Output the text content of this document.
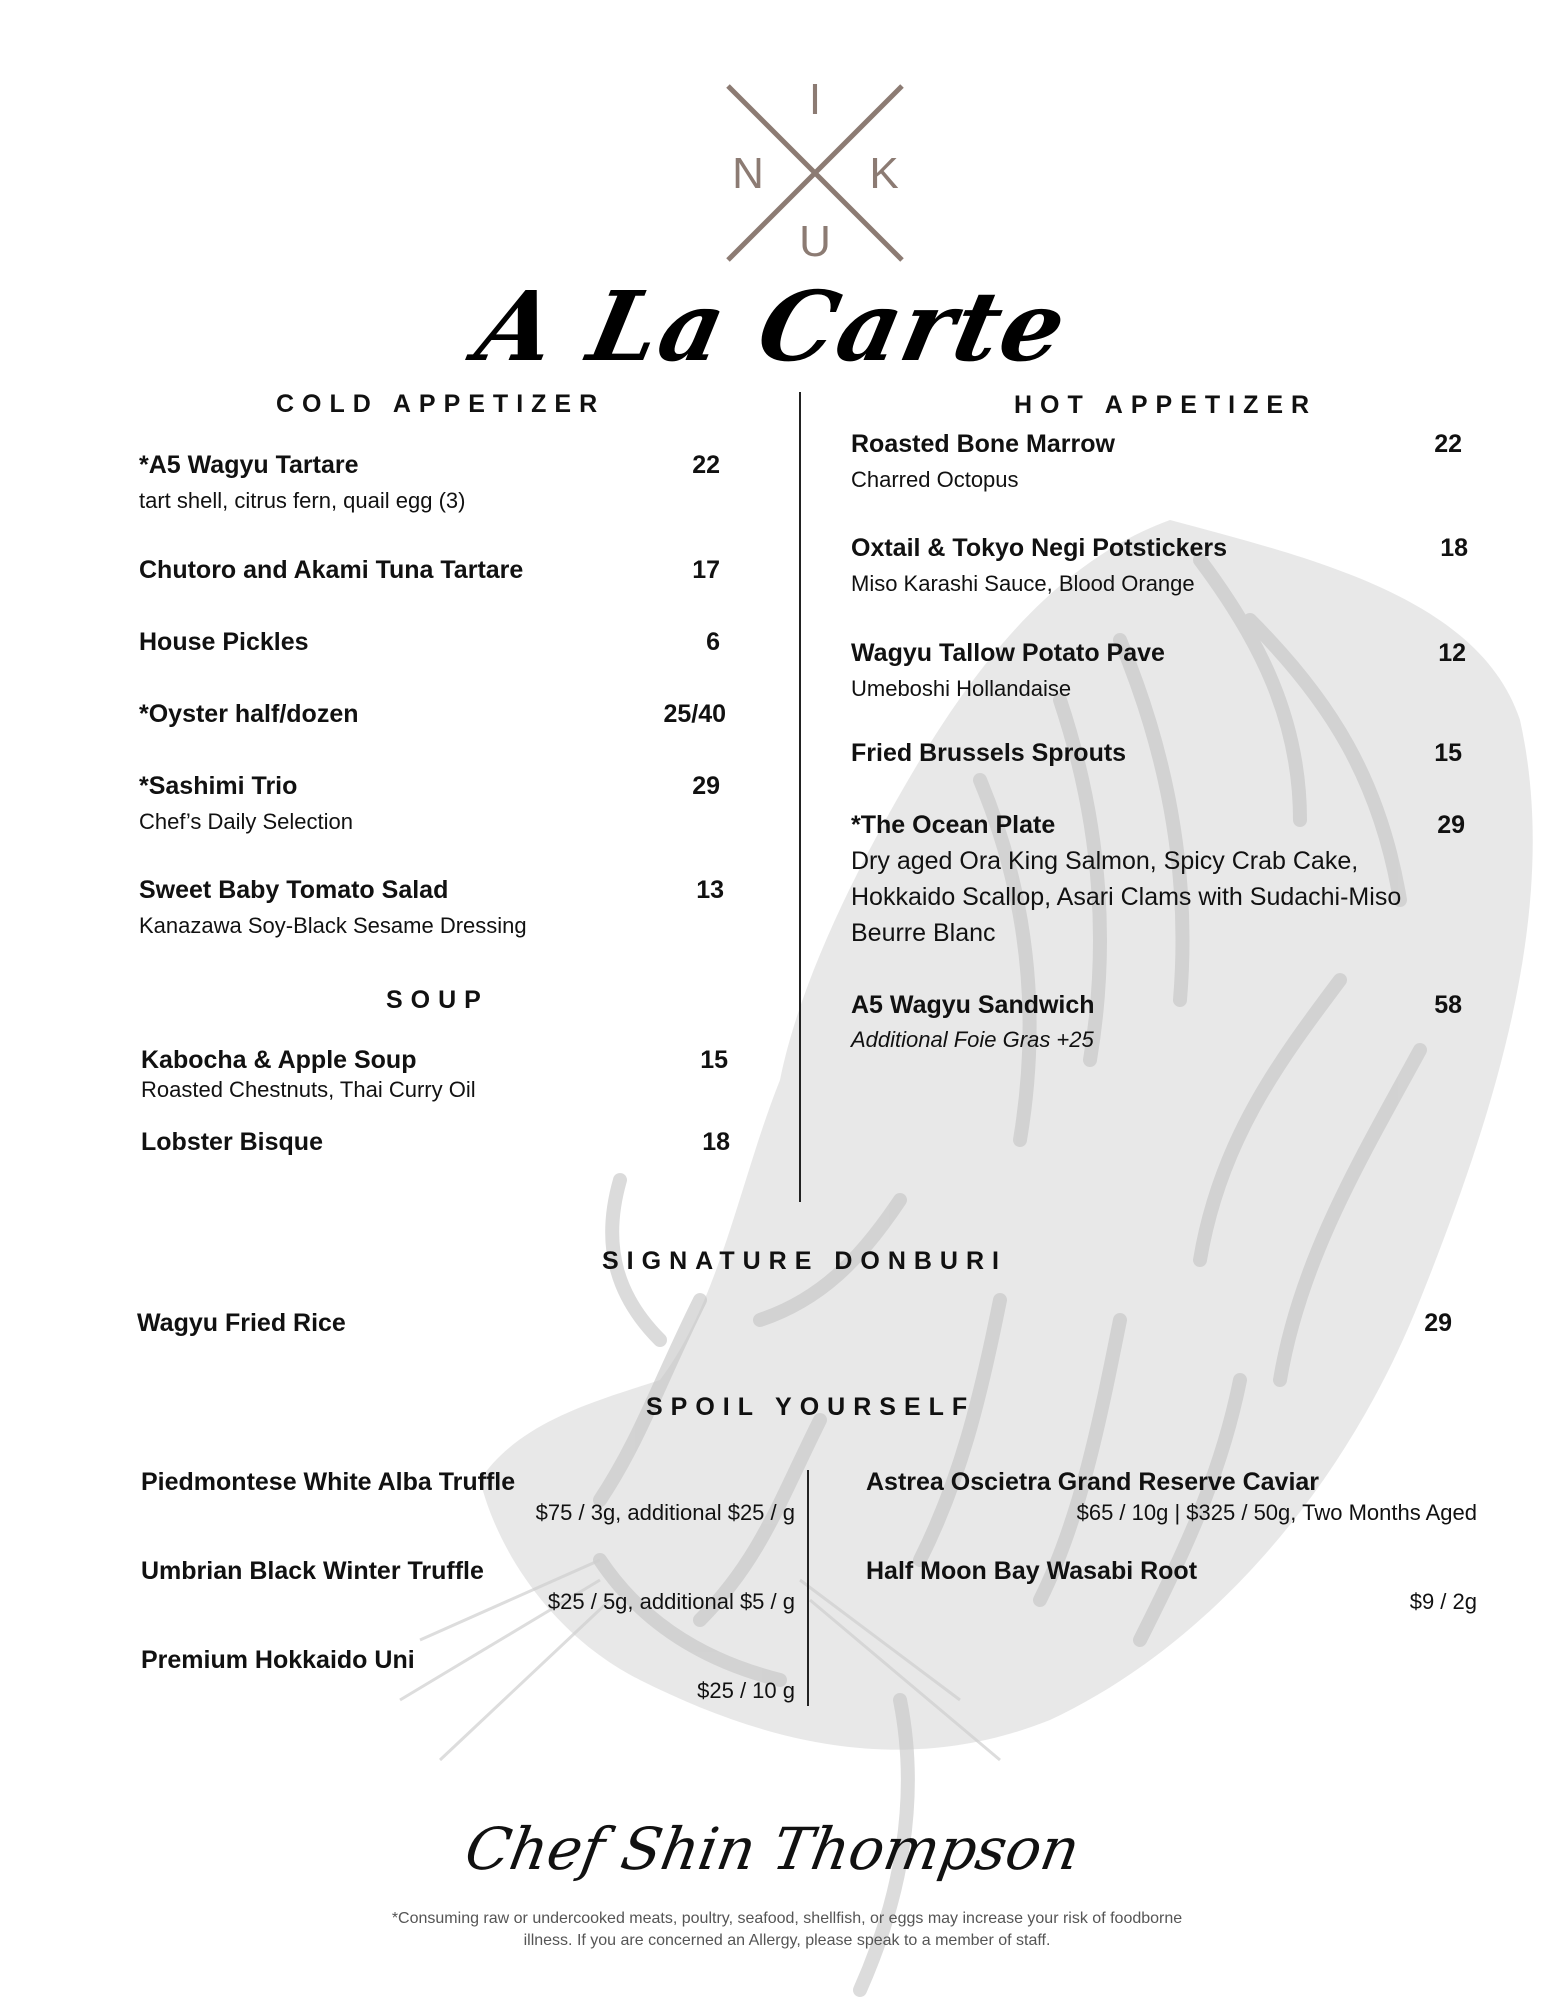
I
N K
U
A La Carte
COLD APPETIZER
*A5 Wagyu Tartare	22
tart shell, citrus fern, quail egg (3)
Chutoro and Akami Tuna Tartare	17
House Pickles	6
*Oyster half/dozen	25/40
*Sashimi Trio	29
Chef’s Daily Selection
Sweet Baby Tomato Salad	13
Kanazawa Soy-Black Sesame Dressing
SOUP
Kabocha & Apple Soup	15
Roasted Chestnuts, Thai Curry Oil
Lobster Bisque	18
HOT APPETIZER
Roasted Bone Marrow	22
Charred Octopus
Oxtail & Tokyo Negi Potstickers	18
Miso Karashi Sauce, Blood Orange
Wagyu Tallow Potato Pave	12
Umeboshi Hollandaise
Fried Brussels Sprouts	15
*The Ocean Plate	29
Dry aged Ora King Salmon, Spicy Crab Cake, Hokkaido Scallop, Asari Clams with Sudachi-Miso Beurre Blanc
A5 Wagyu Sandwich	58
Additional Foie Gras +25
SIGNATURE DONBURI
Wagyu Fried Rice	29
SPOIL YOURSELF
Piedmontese White Alba Truffle
$75 / 3g, additional $25 / g
Umbrian Black Winter Truffle
$25 / 5g, additional $5 / g
Premium Hokkaido Uni
$25 / 10 g
Astrea Oscietra Grand Reserve Caviar
$65 / 10g | $325 / 50g, Two Months Aged
Half Moon Bay Wasabi Root
$9 / 2g
Chef Shin Thompson
*Consuming raw or undercooked meats, poultry, seafood, shellfish, or eggs may increase your risk of foodborne illness. If you are concerned an Allergy, please speak to a member of staff.
